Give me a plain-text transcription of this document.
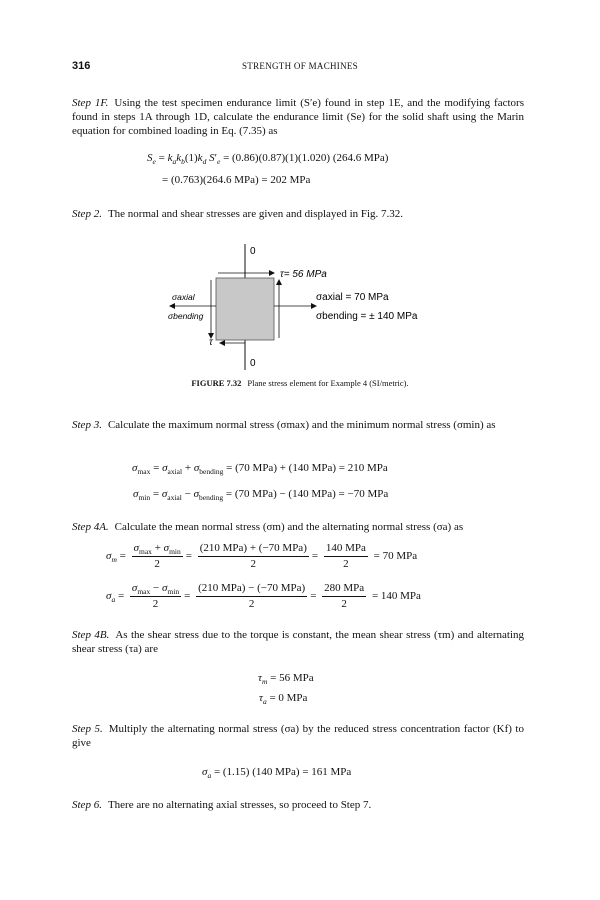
316	STRENGTH OF MACHINES
Step 1F. Using the test specimen endurance limit (S′e) found in step 1E, and the modifying factors found in steps 1A through 1D, calculate the endurance limit (Se) for the solid shaft using the Marin equation for combined loading in Eq. (7.35) as
$S_e = k_ak_b(1)k_d$ $S'_e = (0.86)(0.87)(1)(1.020)$ (264.6 MPa)
= (0.763)(264.6 MPa) = 202 MPa
Step 2. The normal and shear stresses are given and displayed in Fig. 7.32.
0
0
τ= 56 MPa
σaxial
σbending
σaxial = 70 MPa
σbending = ± 140 MPa
τ
FIGURE 7.32 Plane stress element for Example 4 (SI/metric).
Step 3. Calculate the maximum normal stress (σmax) and the minimum normal stress (σmin) as
$\sigma_{max} = \sigma_{axial} + \sigma_{bending} = (70$ MPa) + (140 MPa) = 210 MPa
$\sigma_{min} = \sigma_{axial} - \sigma_{bending} = (70$ MPa) − (140 MPa) = −70 MPa
Step 4A. Calculate the mean normal stress (σm) and the alternating normal stress (σa) as
$\sigma_m = \frac{\sigma_{max} + \sigma_{min}}{2} = \frac{\text{(210 MPa) + (−70 MPa)}}{2} = \frac{\text{140 MPa}}{2} = 70$ MPa
$\sigma_a = \frac{\sigma_{max} - \sigma_{min}}{2} = \frac{\text{(210 MPa) − (−70 MPa)}}{2} = \frac{\text{280 MPa}}{2} = 140$ MPa
Step 4B. As the shear stress due to the torque is constant, the mean shear stress (τm) and alternating shear stress (τa) are
$\tau_m = 56$ MPa
$\tau_a = 0$ MPa
Step 5. Multiply the alternating normal stress (σa) by the reduced stress concentration factor (Kf) to give
$\sigma_a = (1.15)$ (140 MPa) = 161 MPa
Step 6. There are no alternating axial stresses, so proceed to Step 7.
